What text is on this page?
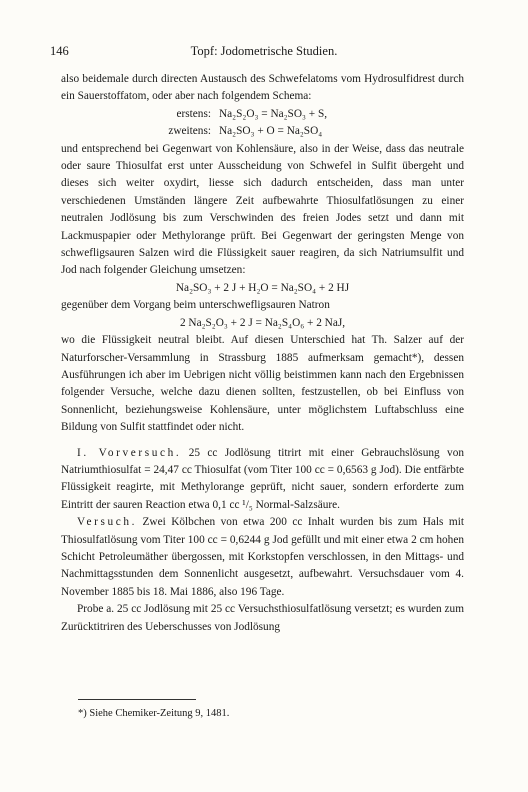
146	Topf: Jodometrische Studien.

also beidemale durch directen Austausch des Schwefelatoms vom Hydrosulfidrest durch ein Sauerstoffatom, oder aber nach folgendem Schema:

erstens: Na₂S₂O₃ = Na₂SO₃ + S,

zweitens: Na₂SO₃ + O = Na₂SO₄

und entsprechend bei Gegenwart von Kohlensäure, also in der Weise, dass das neutrale oder saure Thiosulfat erst unter Ausscheidung von Schwefel in Sulfit übergeht und dieses sich weiter oxydirt, liesse sich dadurch entscheiden, dass man unter verschiedenen Umständen längere Zeit aufbewahrte Thiosulfatlösungen zu einer neutralen Jodlösung bis zum Verschwinden des freien Jodes setzt und dann mit Lackmuspapier oder Methylorange prüft. Bei Gegenwart der geringsten Menge von schwefligsauren Salzen wird die Flüssigkeit sauer reagiren, da sich Natriumsulfit und Jod nach folgender Gleichung umsetzen:

Na₂SO₃ + 2 J + H₂O = Na₂SO₄ + 2 HJ

gegenüber dem Vorgang beim unterschwefligsauren Natron

2 Na₂S₂O₃ + 2 J = Na₂S₄O₆ + 2 NaJ,

wo die Flüssigkeit neutral bleibt. Auf diesen Unterschied hat Th. Salzer auf der Naturforscher-Versammlung in Strassburg 1885 aufmerksam gemacht*), dessen Ausführungen ich aber im Uebrigen nicht völlig beistimmen kann nach den Ergebnissen folgender Versuche, welche dazu dienen sollten, festzustellen, ob bei Einfluss von Sonnenlicht, beziehungsweise Kohlensäure, unter möglichstem Luftabschluss eine Bildung von Sulfit stattfindet oder nicht.

I. Vorversuch. 25 cc Jodlösung titrirt mit einer Gebrauchslösung von Natriumthiosulfat = 24,47 cc Thiosulfat (vom Titer 100 cc = 0,6563 g Jod). Die entfärbte Flüssigkeit reagirte, mit Methylorange geprüft, nicht sauer, sondern erforderte zum Eintritt der sauren Reaction etwa 0,1 cc ¹/₅ Normal-Salzsäure.

Versuch. Zwei Kölbchen von etwa 200 cc Inhalt wurden bis zum Hals mit Thiosulfatlösung vom Titer 100 cc = 0,6244 g Jod gefüllt und mit einer etwa 2 cm hohen Schicht Petroleumäther übergossen, mit Korkstopfen verschlossen, in den Mittags- und Nachmittagsstunden dem Sonnenlicht ausgesetzt, aufbewahrt. Versuchsdauer vom 4. November 1885 bis 18. Mai 1886, also 196 Tage.

Probe a. 25 cc Jodlösung mit 25 cc Versuchsthiosulfatlösung versetzt; es wurden zum Zurücktitriren des Ueberschusses von Jodlösung

*) Siehe Chemiker-Zeitung 9, 1481.
